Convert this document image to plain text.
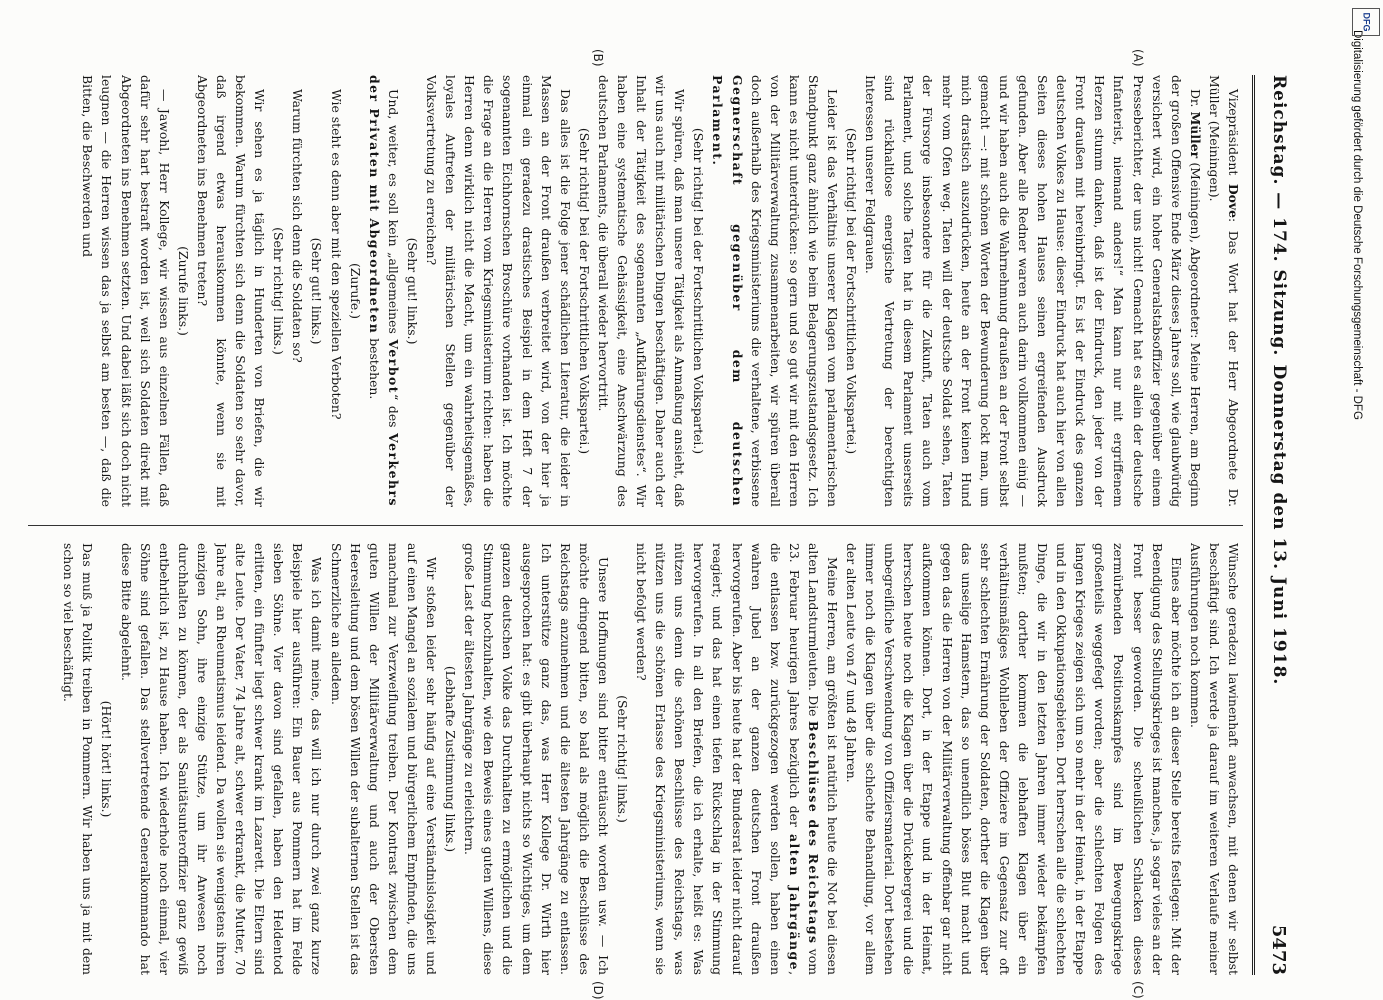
Reichstag. — 174. Sitzung.
Donnerstag den 13. Juni 1918.
5473

Vizepräsident Dove: Das Wort hat der Herr Abgeordnete Dr. Müller (Meiningen).

Dr. Müller (Meiningen), Abgeordneter: Meine Herren, am Beginn der großen Offensive Ende März dieses Jahres soll, wie glaubwürdig versichert wird, ein hoher Generalstabsoffizier gegenüber einem Presseberichter, der uns nicht! Gemacht hat es allein der deutsche Infanterist, niemand anders!“ Man kann nur mit ergriffenem Herzen stumm danken, daß ist der Eindruck, den jeder von der Front draußen mit hereinbringt. Es ist der Eindruck des ganzen deutschen Volkes zu Hause: dieser Eindruck hat auch hier von allen Seiten dieses hohen Hauses seinen ergreifenden Ausdruck gefunden. Aber alle Redner waren auch darin vollkommen einig — und wir haben auch die Wahrnehmung draußen an der Front selbst gemacht —: mit schönen Worten der Bewunderung lockt man, um mich drastisch auszudrücken, heute an der Front keinen Hund mehr vom Ofen weg. Taten will der deutsche Soldat sehen, Taten der Fürsorge insbesondere für die Zukunft, Taten auch vom Parlament, und solche Taten hat in diesem Parlament unserseits sind rückhaltlose energische Vertretung der berechtigten Interessen unserer Feldgrauen.

(Sehr richtig! bei der Fortschrittlichen Volkspartei.)

Leider ist das Verhältnis unserer Klagen vom parlamentarischen Standpunkt ganz ähnlich wie beim Belagerungszustandsgesetz. Ich kann es nicht unterdrücken: so gern und so gut wir mit den Herren von der Militärverwaltung zusammenarbeiten, wir spüren überall doch außerhalb des Kriegsministeriums die verhaltene, verbissene Gegnerschaft gegenüber dem deutschen Parlament.

(Sehr richtig! bei der Fortschrittlichen Volkspartei.)

Wir spüren, daß man unsere Tätigkeit als Anmaßung ansieht, daß wir uns auch mit militärischen Dingen beschäftigen. Daher auch der Inhalt der Tätigkeit des sogenannten „Aufklärungsdienstes“. Wir haben eine systematische Gehässigkeit, eine Anschwärzung des deutschen Parlaments, die überall wieder hervortritt.

(Sehr richtig! bei der Fortschrittlichen Volkspartei.)

Das alles ist die Folge jener schädlichen Literatur, die leider in Massen an der Front draußen verbreitet wird, von der hier ja einmal ein geradezu drastisches Beispiel in dem Heft 7 der sogenannten Eichhornschen Broschüre vorhanden ist. Ich möchte die Frage an die Herren vom Kriegsministerium richten: haben die Herren denn wirklich nicht die Macht, um ein wahrheitsgemäßes, loyales Auftreten der militärischen Stellen gegenüber der Volksvertretung zu erreichen?

(Sehr gut! links.)

Und, weiter, es soll kein „allgemeines Verbot“ des Verkehrs der Privaten mit Abgeordneten bestehen.

(Zurufe.)

Wie steht es denn aber mit den speziellen Verboten?

(Sehr gut! links.)

Warum fürchten sich denn die Soldaten so?

(Sehr richtig! links.)

Wir sehen es ja täglich in Hunderten von Briefen, die wir bekommen. Warum fürchten sich denn die Soldaten so sehr davor, daß irgend etwas herauskommen könnte, wenn sie mit Abgeordneten ins Benehmen treten?

(Zurufe links.)

— Jawohl, Herr Kollege, wir wissen aus einzelnen Fällen, daß dafür sehr hart bestraft worden ist, weil sich Soldaten direkt mit Abgeordneten ins Benehmen setzten. Und dabei läßt sich doch nicht leugnen — die Herren wissen das ja selbst am besten —, daß die Bitten, die Beschwerden und

Wünsche geradezu lawinenhaft anwachsen, mit denen wir selbst beschäftigt sind. Ich werde ja darauf im weiteren Verlaufe meiner Ausführungen noch kommen.

Eines aber möchte ich an dieser Stelle bereits festlegen: Mit der Beendigung des Stellungskrieges ist manches, ja sogar vieles an der Front besser geworden. Die scheußlichen Schlacken dieses zermürbenden Positionskampfes sind im Bewegungskriege großenteils weggefegt worden; aber die schlechten Folgen des langen Krieges zeigen sich um so mehr in der Heimat, in der Etappe und in den Okkupationsgebieten. Dort herrschen alle die schlechten Dinge, die wir in den letzten Jahren immer wieder bekämpfen mußten; dorther kommen die lebhaften Klagen über ein verhältnismäßiges Wohlleben der Offiziere im Gegensatz zur oft sehr schlechten Ernährung der Soldaten, dorther die Klagen über das unselige Hamstern, das so unendlich böses Blut macht und gegen das die Herren von der Militärverwaltung offenbar gar nicht aufkommen können. Dort, in der Etappe und in der Heimat, herrschen heute noch die Klagen über die Drückebergerei und die unbegreifliche Verschwendung von Offiziersmaterial. Dort bestehen immer noch die Klagen über die schlechte Behandlung, vor allem der alten Leute von 47 und 48 Jahren.

Meine Herren, am größten ist natürlich heute die Not bei diesen alten Landsturmleuten. Die Beschlüsse des Reichstags vom 23. Februar heurigen Jahres bezüglich der alten Jahrgänge, die entlassen bzw. zurückgezogen werden sollen, haben einen wahren Jubel an der ganzen deutschen Front draußen hervorgerufen. Aber bis heute hat der Bundesrat leider nicht darauf reagiert; und das hat einen tiefen Rückschlag in der Stimmung hervorgerufen. In all den Briefen, die ich erhalte, heißt es: Was nützen uns denn die schönen Beschlüsse des Reichstags, was nützen uns die schönen Erlasse des Kriegsministeriums, wenn sie nicht befolgt werden?

(Sehr richtig! links.)

Unsere Hoffnungen sind bitter enttäuscht worden usw. — Ich möchte dringend bitten, so bald als möglich die Beschlüsse des Reichstags anzunehmen und die ältesten Jahrgänge zu entlassen. Ich unterstütze ganz das, was Herr Kollege Dr. Wirth hier ausgesprochen hat: es gibt überhaupt nichts so Wichtiges, um dem ganzen deutschen Volke das Durchhalten zu ermöglichen und die Stimmung hochzuhalten, wie den Beweis eines guten Willens, diese große Last der ältesten Jahrgänge zu erleichtern.

(Lebhafte Zustimmung links.)

Wir stoßen leider sehr häufig auf eine Verständnislosigkeit und auf einen Mangel an sozialem und bürgerlichem Empfinden, die uns manchmal zur Verzweiflung treiben. Der Kontrast zwischen dem guten Willen der Militärverwaltung und auch der Obersten Heeresleitung und dem bösen Willen der subalternen Stellen ist das Schmerzliche an alledem.

Was ich damit meine, das will ich nur durch zwei ganz kurze Beispiele hier ausführen: Ein Bauer aus Pommern hat im Felde sieben Söhne. Vier davon sind gefallen, haben den Heldentod erlitten, ein fünfter liegt schwer krank im Lazarett. Die Eltern sind alte Leute. Der Vater, 74 Jahre alt, schwer erkrankt, die Mutter, 70 Jahre alt, an Rheumatismus leidend. Da wollen sie wenigstens ihren einzigen Sohn, ihre einzige Stütze, um ihr Anwesen noch durchhalten zu können, der als Sanitätsunteroffizier ganz gewiß entbehrlich ist, zu Hause haben. Ich wiederhole noch einmal, vier Söhne sind gefallen. Das stellvertretende Generalkommando hat diese Bitte abgelehnt.

(Hört! hört! links.)

Das muß ja Politik treiben in Pommern. Wir haben uns ja mit dem schon so viel beschäftigt.

(A)
(B)
(C)
(D)
Digitalisierung gefördert durch die Deutsche Forschungsgemeinschaft - DFG
DFG
